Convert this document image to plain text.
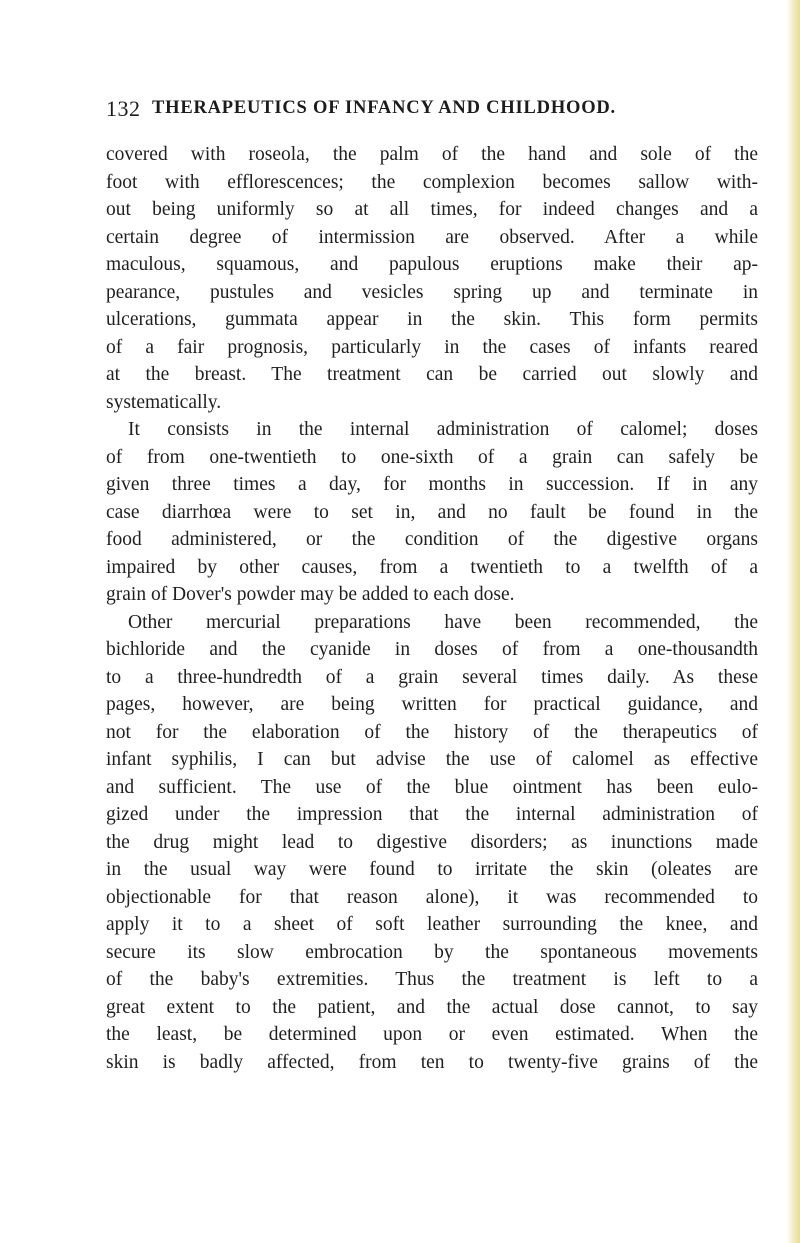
132 THERAPEUTICS OF INFANCY AND CHILDHOOD.
covered with roseola, the palm of the hand and sole of the
foot with efflorescences; the complexion becomes sallow with-
out being uniformly so at all times, for indeed changes and a
certain degree of intermission are observed. After a while
maculous, squamous, and papulous eruptions make their ap-
pearance, pustules and vesicles spring up and terminate in
ulcerations, gummata appear in the skin. This form permits
of a fair prognosis, particularly in the cases of infants reared
at the breast. The treatment can be carried out slowly and
systematically.
It consists in the internal administration of calomel; doses
of from one-twentieth to one-sixth of a grain can safely be
given three times a day, for months in succession. If in any
case diarrhœa were to set in, and no fault be found in the
food administered, or the condition of the digestive organs
impaired by other causes, from a twentieth to a twelfth of a
grain of Dover's powder may be added to each dose.
Other mercurial preparations have been recommended, the
bichloride and the cyanide in doses of from a one-thousandth
to a three-hundredth of a grain several times daily. As these
pages, however, are being written for practical guidance, and
not for the elaboration of the history of the therapeutics of
infant syphilis, I can but advise the use of calomel as effective
and sufficient. The use of the blue ointment has been eulo-
gized under the impression that the internal administration of
the drug might lead to digestive disorders; as inunctions made
in the usual way were found to irritate the skin (oleates are
objectionable for that reason alone), it was recommended to
apply it to a sheet of soft leather surrounding the knee, and
secure its slow embrocation by the spontaneous movements
of the baby's extremities. Thus the treatment is left to a
great extent to the patient, and the actual dose cannot, to say
the least, be determined upon or even estimated. When the
skin is badly affected, from ten to twenty-five grains of the
